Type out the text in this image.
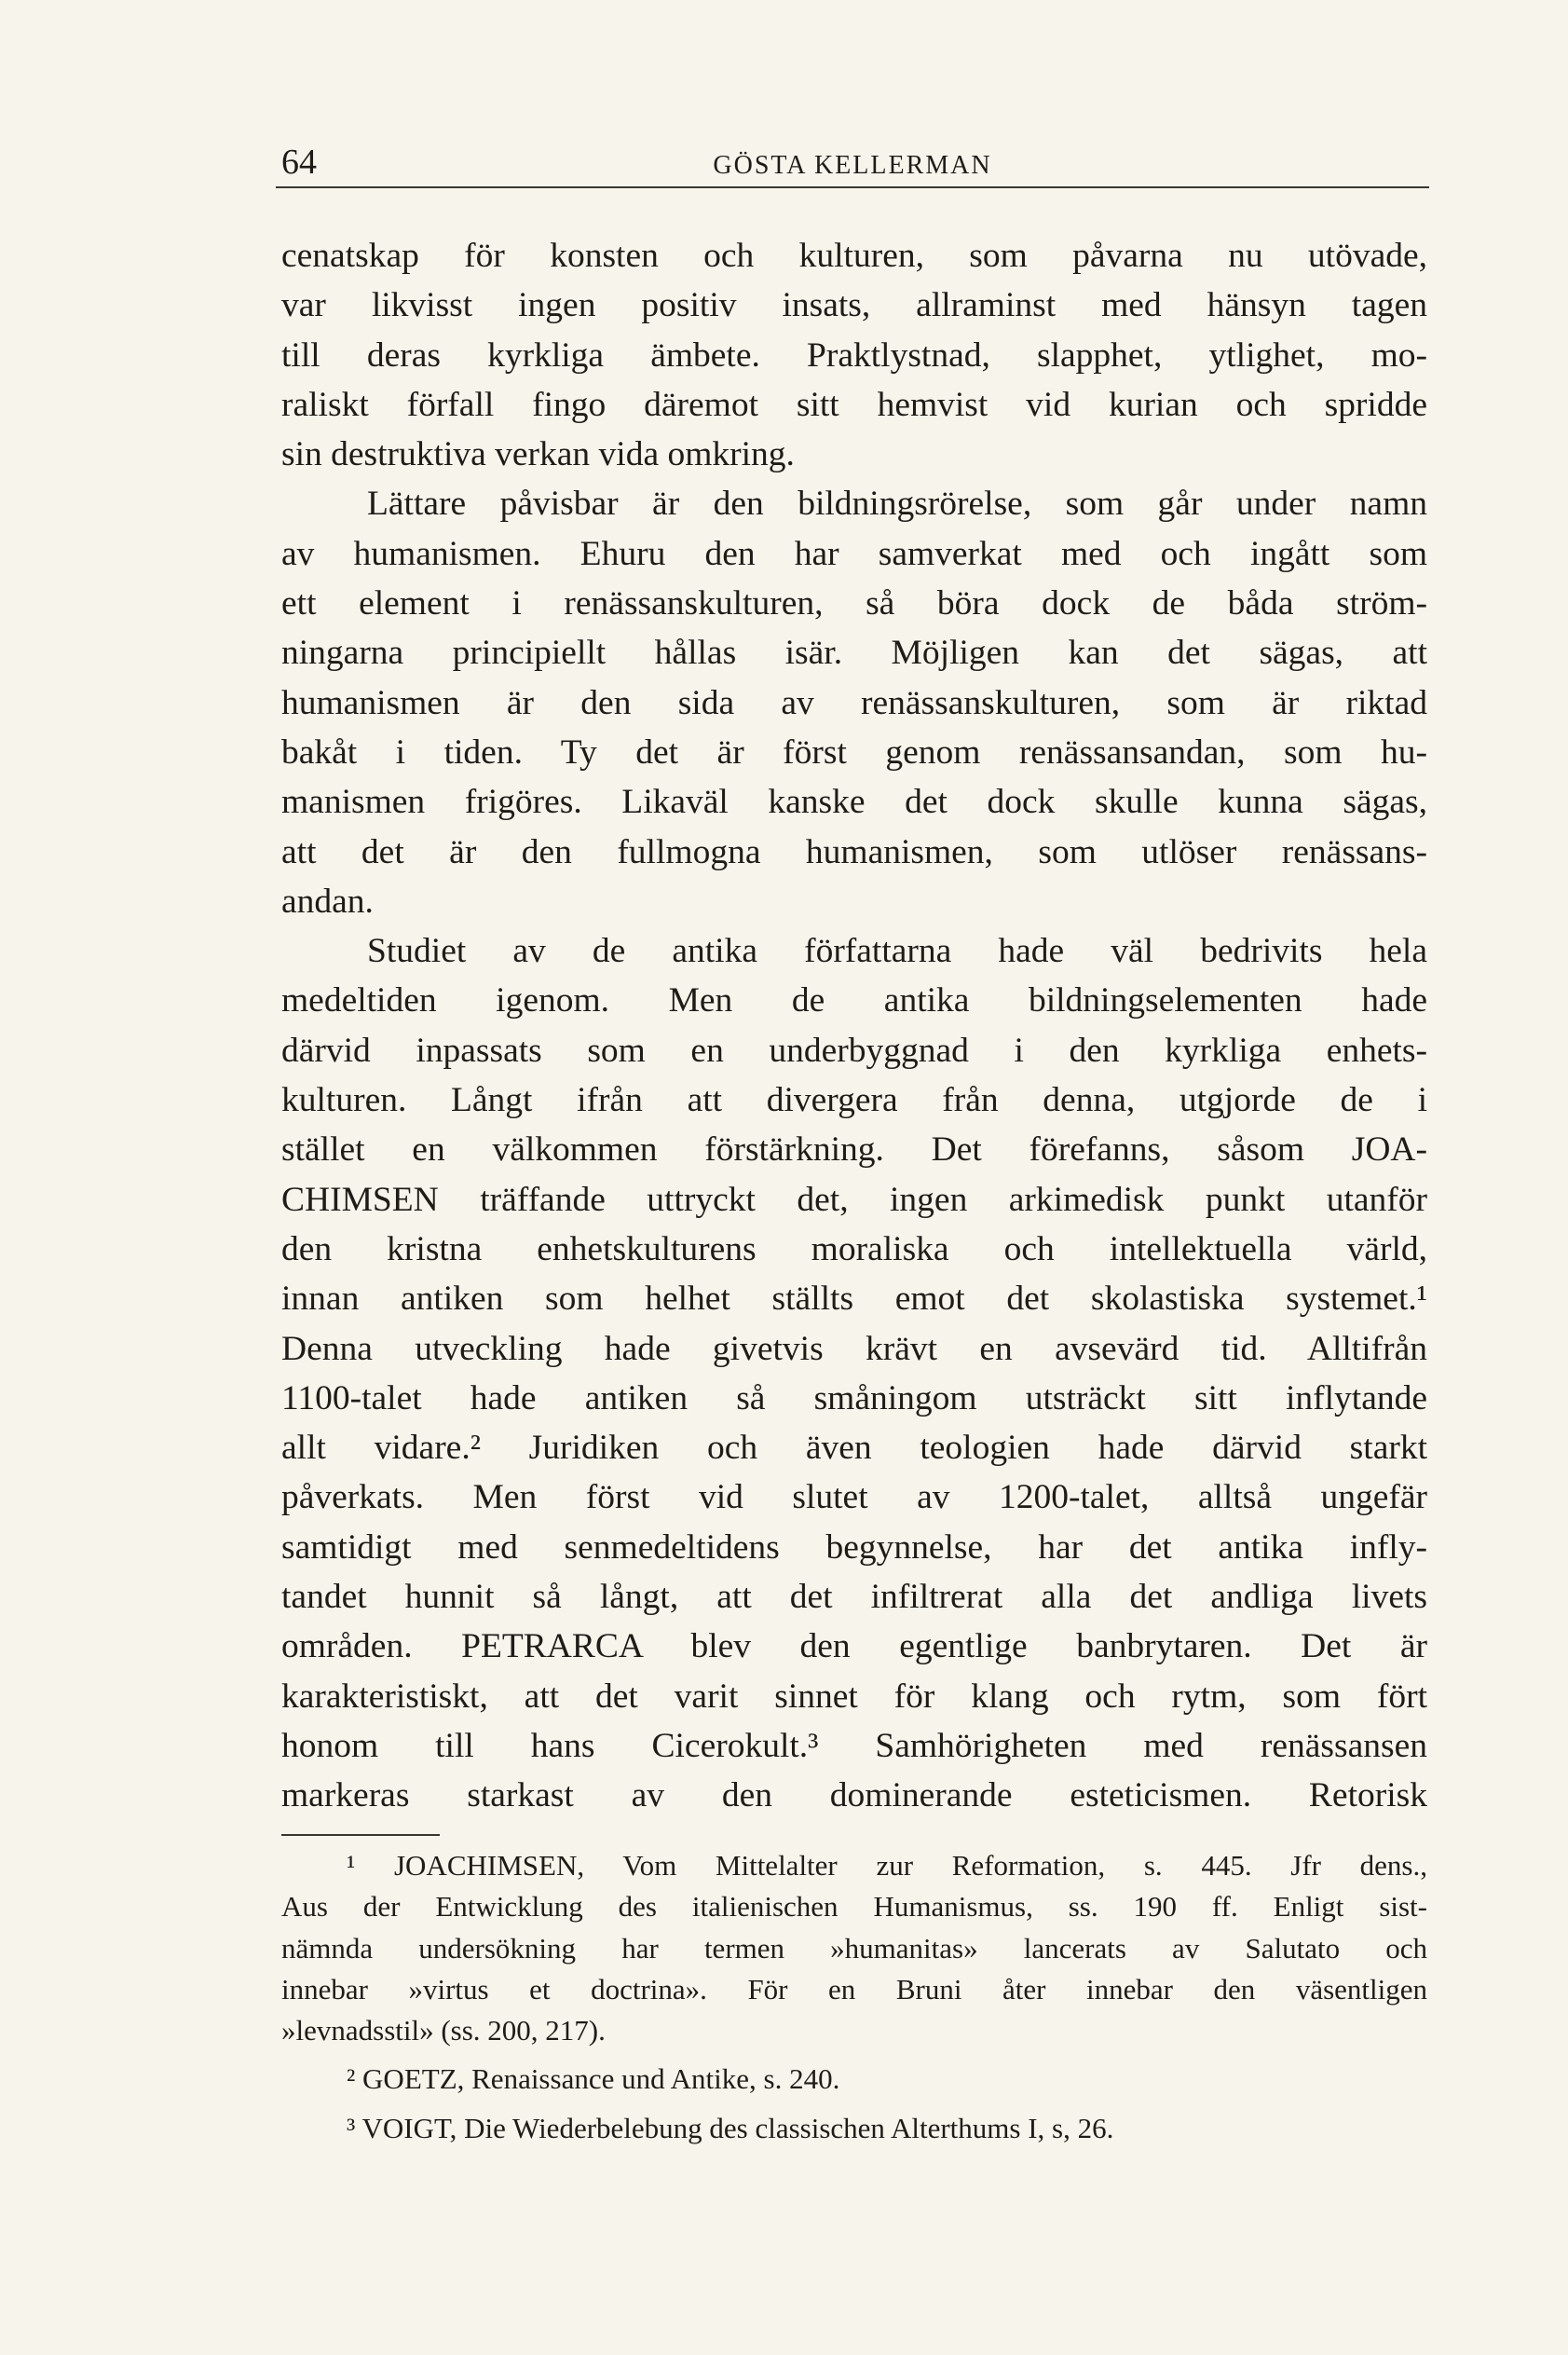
64	GÖSTA KELLERMAN
cenatskap för konsten och kulturen, som påvarna nu utövade,
var likvisst ingen positiv insats, allraminst med hänsyn tagen
till deras kyrkliga ämbete. Praktlystnad, slapphet, ytlighet, mo-
raliskt förfall fingo däremot sitt hemvist vid kurian och spridde
sin destruktiva verkan vida omkring.
Lättare påvisbar är den bildningsrörelse, som går under namn
av humanismen. Ehuru den har samverkat med och ingått som
ett element i renässanskulturen, så böra dock de båda ström-
ningarna principiellt hållas isär. Möjligen kan det sägas, att
humanismen är den sida av renässanskulturen, som är riktad
bakåt i tiden. Ty det är först genom renässansandan, som hu-
manismen frigöres. Likaväl kanske det dock skulle kunna sägas,
att det är den fullmogna humanismen, som utlöser renässans-
andan.
Studiet av de antika författarna hade väl bedrivits hela
medeltiden igenom. Men de antika bildningselementen hade
därvid inpassats som en underbyggnad i den kyrkliga enhets-
kulturen. Långt ifrån att divergera från denna, utgjorde de i
stället en välkommen förstärkning. Det förefanns, såsom JOA-
CHIMSEN träffande uttryckt det, ingen arkimedisk punkt utanför
den kristna enhetskulturens moraliska och intellektuella värld,
innan antiken som helhet ställts emot det skolastiska systemet.¹
Denna utveckling hade givetvis krävt en avsevärd tid. Alltifrån
1100-talet hade antiken så småningom utsträckt sitt inflytande
allt vidare.² Juridiken och även teologien hade därvid starkt
påverkats. Men först vid slutet av 1200-talet, alltså ungefär
samtidigt med senmedeltidens begynnelse, har det antika infly-
tandet hunnit så långt, att det infiltrerat alla det andliga livets
områden. PETRARCA blev den egentlige banbrytaren. Det är
karakteristiskt, att det varit sinnet för klang och rytm, som fört
honom till hans Cicerokult.³ Samhörigheten med renässansen
markeras starkast av den dominerande esteticismen. Retorisk
¹ JOACHIMSEN, Vom Mittelalter zur Reformation, s. 445. Jfr dens.,
Aus der Entwicklung des italienischen Humanismus, ss. 190 ff. Enligt sist-
nämnda undersökning har termen »humanitas» lancerats av Salutato och
innebar »virtus et doctrina». För en Bruni åter innebar den väsentligen
»levnadsstil» (ss. 200, 217).
² GOETZ, Renaissance und Antike, s. 240.
³ VOIGT, Die Wiederbelebung des classischen Alterthums I, s, 26.
